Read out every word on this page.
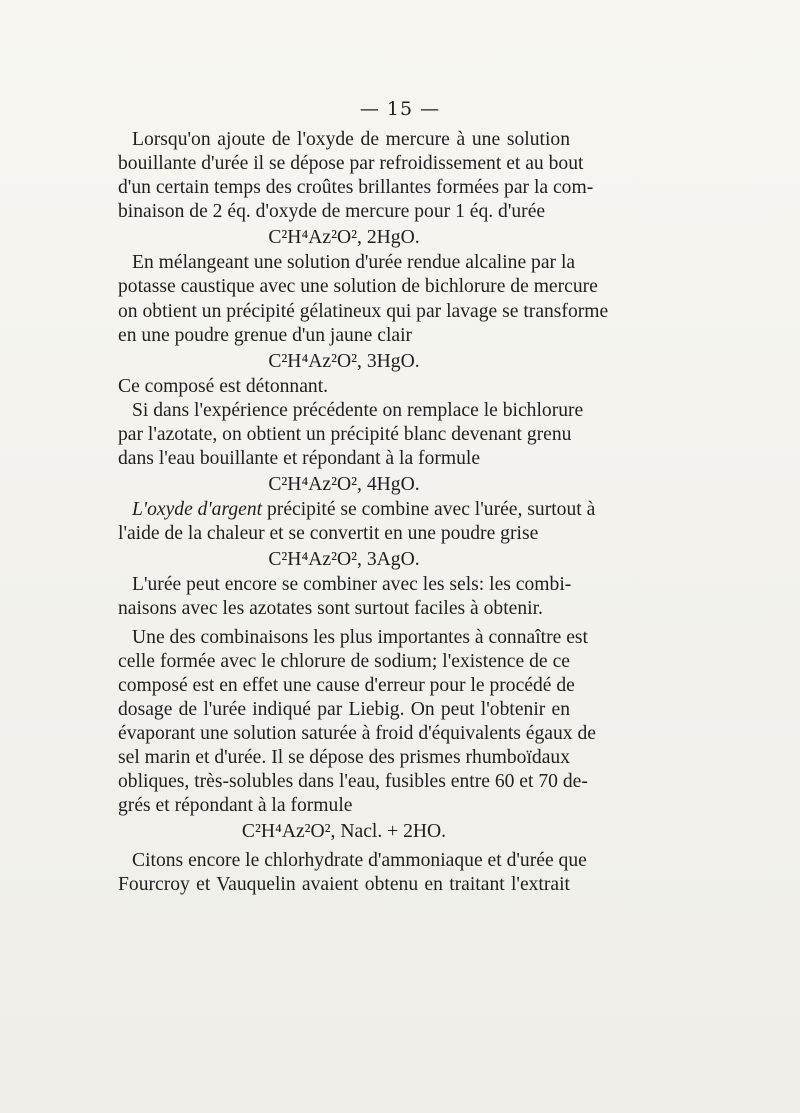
— 15 —
Lorsqu'on ajoute de l'oxyde de mercure à une solution
bouillante d'urée il se dépose par refroidissement et au bout
d'un certain temps des croûtes brillantes formées par la com-
binaison de 2 éq. d'oxyde de mercure pour 1 éq. d'urée
C²H⁴Az²O², 2HgO.
En mélangeant une solution d'urée rendue alcaline par la
potasse caustique avec une solution de bichlorure de mercure
on obtient un précipité gélatineux qui par lavage se transforme
en une poudre grenue d'un jaune clair
C²H⁴Az²O², 3HgO.
Ce composé est détonnant.
Si dans l'expérience précédente on remplace le bichlorure
par l'azotate, on obtient un précipité blanc devenant grenu
dans l'eau bouillante et répondant à la formule
C²H⁴Az²O², 4HgO.
L'oxyde d'argent précipité se combine avec l'urée, surtout à
l'aide de la chaleur et se convertit en une poudre grise
C²H⁴Az²O², 3AgO.
L'urée peut encore se combiner avec les sels: les combi-
naisons avec les azotates sont surtout faciles à obtenir.
Une des combinaisons les plus importantes à connaître est
celle formée avec le chlorure de sodium; l'existence de ce
composé est en effet une cause d'erreur pour le procédé de
dosage de l'urée indiqué par Liebig. On peut l'obtenir en
évaporant une solution saturée à froid d'équivalents égaux de
sel marin et d'urée. Il se dépose des prismes rhumboïdaux
obliques, très-solubles dans l'eau, fusibles entre 60 et 70 de-
grés et répondant à la formule
C²H⁴Az²O², Nacl. + 2HO.
Citons encore le chlorhydrate d'ammoniaque et d'urée que
Fourcroy et Vauquelin avaient obtenu en traitant l'extrait
